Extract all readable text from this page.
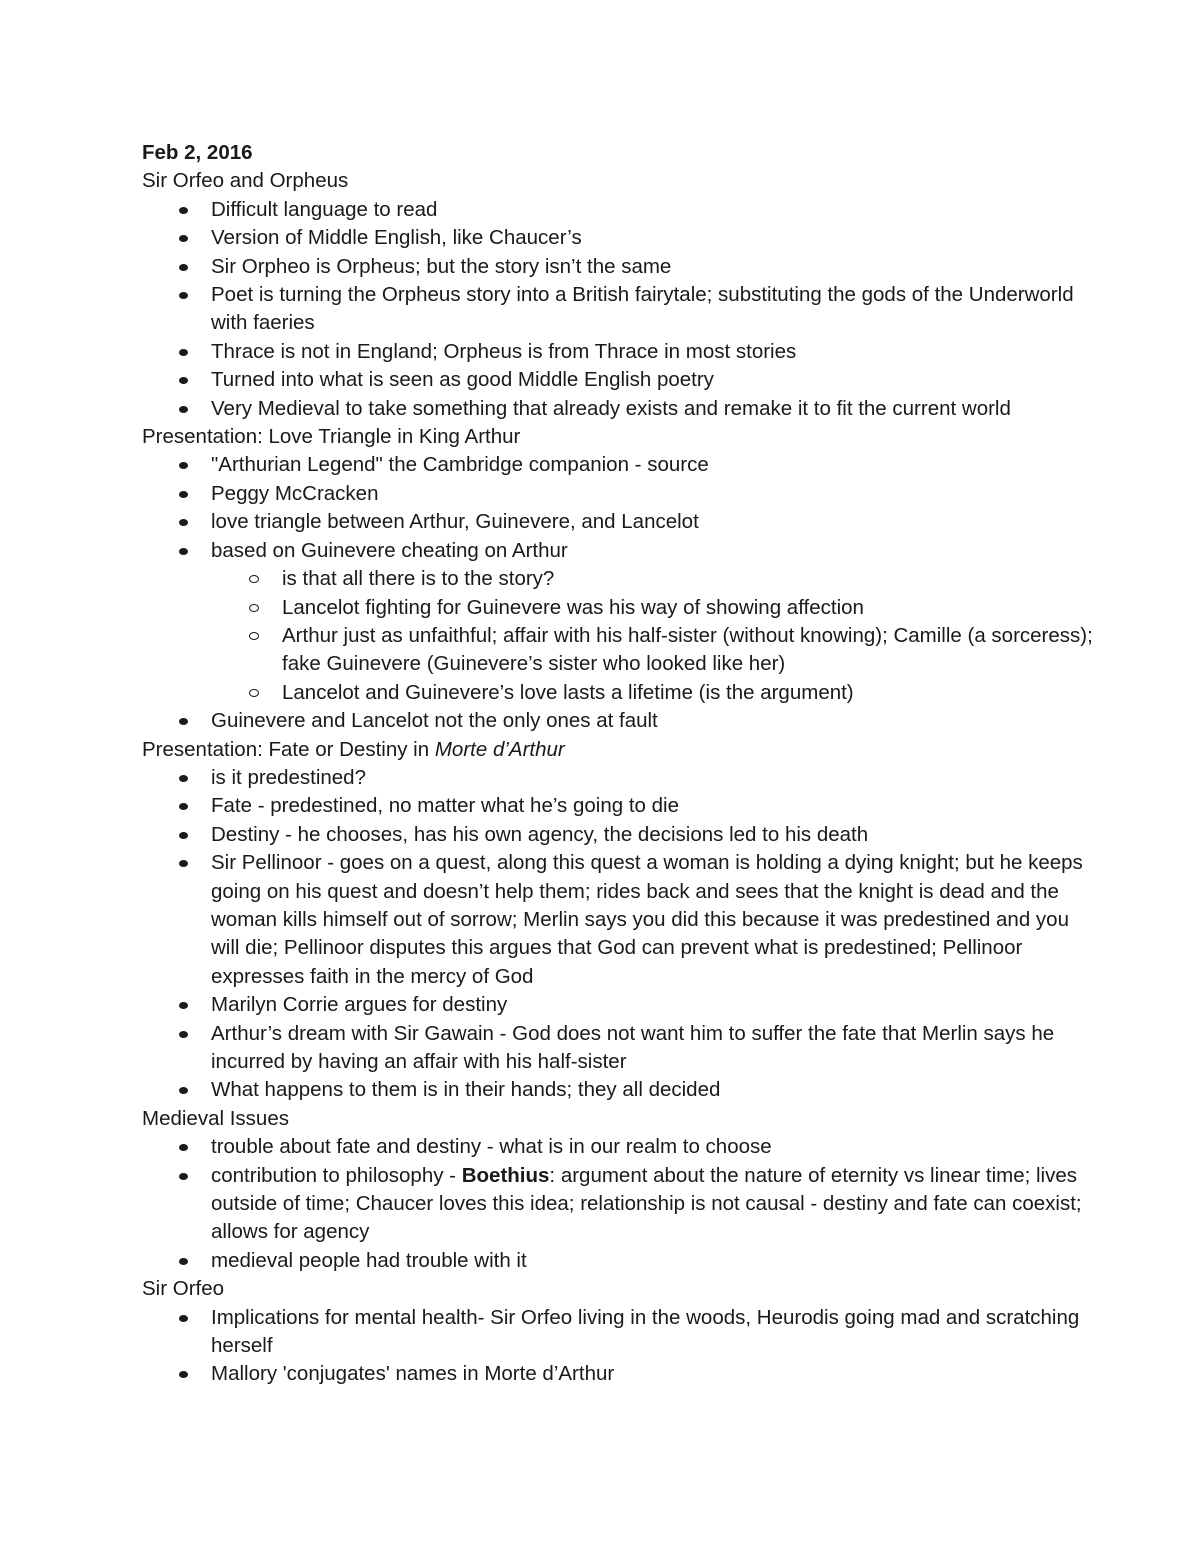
Feb 2, 2016
Sir Orfeo and Orpheus
Difficult language to read
Version of Middle English, like Chaucer’s
Sir Orpheo is Orpheus; but the story isn’t the same
Poet is turning the Orpheus story into a British fairytale; substituting the gods of the Underworld with faeries
Thrace is not in England; Orpheus is from Thrace in most stories
Turned into what is seen as good Middle English poetry
Very Medieval to take something that already exists and remake it to fit the current world
Presentation: Love Triangle in King Arthur
"Arthurian Legend" the Cambridge companion - source
Peggy McCracken
love triangle between Arthur, Guinevere, and Lancelot
based on Guinevere cheating on Arthur
is that all there is to the story?
Lancelot fighting for Guinevere was his way of showing affection
Arthur just as unfaithful; affair with his half-sister (without knowing); Camille (a sorceress); fake Guinevere (Guinevere’s sister who looked like her)
Lancelot and Guinevere’s love lasts a lifetime (is the argument)
Guinevere and Lancelot not the only ones at fault
Presentation: Fate or Destiny in Morte d’Arthur
is it predestined?
Fate - predestined, no matter what he’s going to die
Destiny - he chooses, has his own agency, the decisions led to his death
Sir Pellinoor - goes on a quest, along this quest a woman is holding a dying knight; but he keeps going on his quest and doesn’t help them; rides back and sees that the knight is dead and the woman kills himself out of sorrow; Merlin says you did this because it was predestined and you will die; Pellinoor disputes this argues that God can prevent what is predestined; Pellinoor expresses faith in the mercy of God
Marilyn Corrie argues for destiny
Arthur’s dream with Sir Gawain - God does not want him to suffer the fate that Merlin says he incurred by having an affair with his half-sister
What happens to them is in their hands; they all decided
Medieval Issues
trouble about fate and destiny - what is in our realm to choose
contribution to philosophy - Boethius: argument about the nature of eternity vs linear time; lives outside of time; Chaucer loves this idea; relationship is not causal - destiny and fate can coexist; allows for agency
medieval people had trouble with it
Sir Orfeo
Implications for mental health- Sir Orfeo living in the woods, Heurodis going mad and scratching herself
Mallory 'conjugates' names in Morte d’Arthur
